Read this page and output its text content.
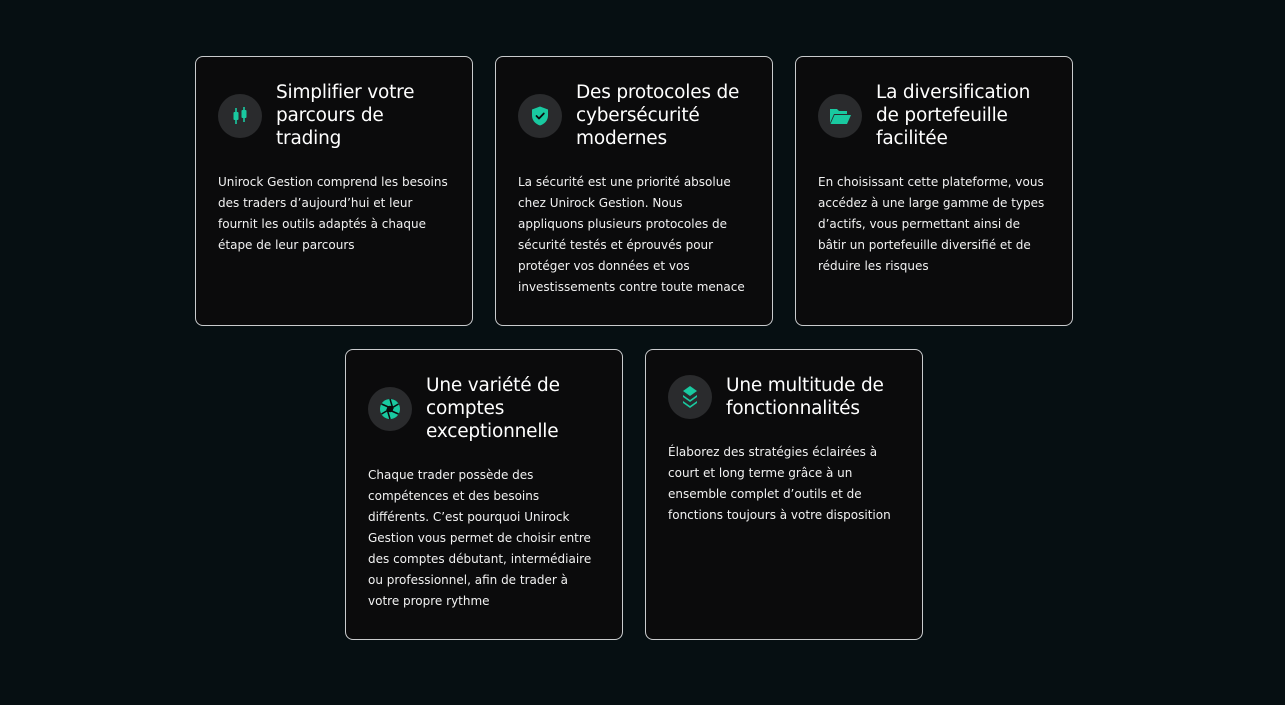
Simplifier votre parcours de trading

Unirock Gestion comprend les besoins des traders d’aujourd’hui et leur fournit les outils adaptés à chaque étape de leur parcours

Des protocoles de cybersécurité modernes

La sécurité est une priorité absolue chez Unirock Gestion. Nous appliquons plusieurs protocoles de sécurité testés et éprouvés pour protéger vos données et vos investissements contre toute menace

La diversification de portefeuille facilitée

En choisissant cette plateforme, vous accédez à une large gamme de types d’actifs, vous permettant ainsi de bâtir un portefeuille diversifié et de réduire les risques

Une variété de comptes exceptionnelle

Chaque trader possède des compétences et des besoins différents. C’est pourquoi Unirock Gestion vous permet de choisir entre des comptes débutant, intermédiaire ou professionnel, afin de trader à votre propre rythme

Une multitude de fonctionnalités

Élaborez des stratégies éclairées à court et long terme grâce à un ensemble complet d’outils et de fonctions toujours à votre disposition
